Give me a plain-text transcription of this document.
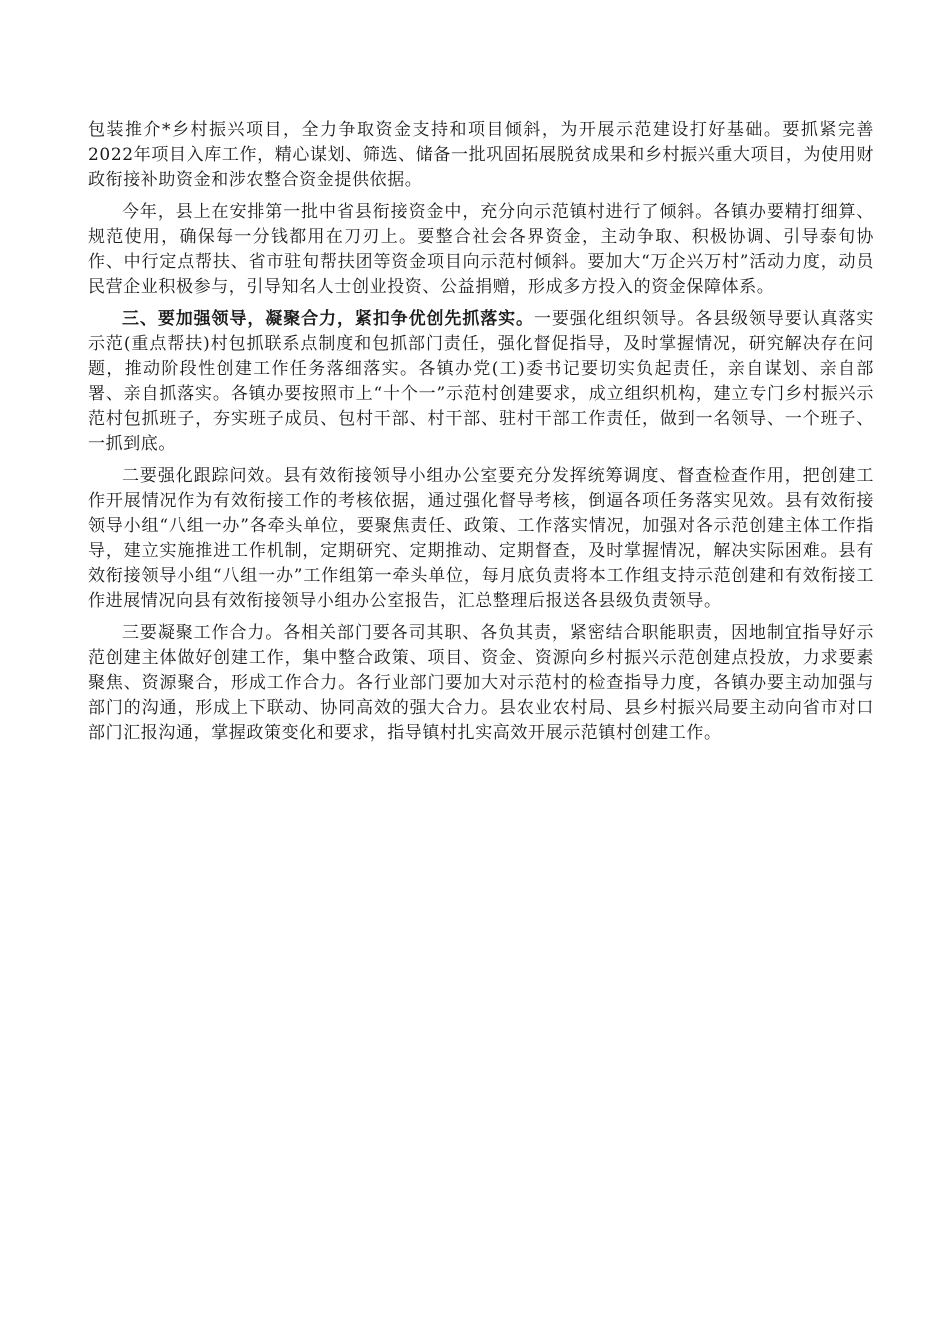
包装推介*乡村振兴项目，全力争取资金支持和项目倾斜，为开展示范建设打好基础。要抓紧完善2022年项目入库工作，精心谋划、筛选、储备一批巩固拓展脱贫成果和乡村振兴重大项目，为使用财政衔接补助资金和涉农整合资金提供依据。

今年，县上在安排第一批中省县衔接资金中，充分向示范镇村进行了倾斜。各镇办要精打细算、规范使用，确保每一分钱都用在刀刃上。要整合社会各界资金，主动争取、积极协调、引导泰旬协作、中行定点帮扶、省市驻旬帮扶团等资金项目向示范村倾斜。要加大“万企兴万村”活动力度，动员民营企业积极参与，引导知名人士创业投资、公益捐赠，形成多方投入的资金保障体系。

三、要加强领导，凝聚合力，紧扣争优创先抓落实。一要强化组织领导。各县级领导要认真落实示范(重点帮扶)村包抓联系点制度和包抓部门责任，强化督促指导，及时掌握情况，研究解决存在问题，推动阶段性创建工作任务落细落实。各镇办党(工)委书记要切实负起责任，亲自谋划、亲自部署、亲自抓落实。各镇办要按照市上“十个一”示范村创建要求，成立组织机构，建立专门乡村振兴示范村包抓班子，夯实班子成员、包村干部、村干部、驻村干部工作责任，做到一名领导、一个班子、一抓到底。

二要强化跟踪问效。县有效衔接领导小组办公室要充分发挥统筹调度、督查检查作用，把创建工作开展情况作为有效衔接工作的考核依据，通过强化督导考核，倒逼各项任务落实见效。县有效衔接领导小组“八组一办”各牵头单位，要聚焦责任、政策、工作落实情况，加强对各示范创建主体工作指导，建立实施推进工作机制，定期研究、定期推动、定期督查，及时掌握情况，解决实际困难。县有效衔接领导小组“八组一办”工作组第一牵头单位，每月底负责将本工作组支持示范创建和有效衔接工作进展情况向县有效衔接领导小组办公室报告，汇总整理后报送各县级负责领导。

三要凝聚工作合力。各相关部门要各司其职、各负其责，紧密结合职能职责，因地制宜指导好示范创建主体做好创建工作，集中整合政策、项目、资金、资源向乡村振兴示范创建点投放，力求要素聚焦、资源聚合，形成工作合力。各行业部门要加大对示范村的检查指导力度，各镇办要主动加强与部门的沟通，形成上下联动、协同高效的强大合力。县农业农村局、县乡村振兴局要主动向省市对口部门汇报沟通，掌握政策变化和要求，指导镇村扎实高效开展示范镇村创建工作。
